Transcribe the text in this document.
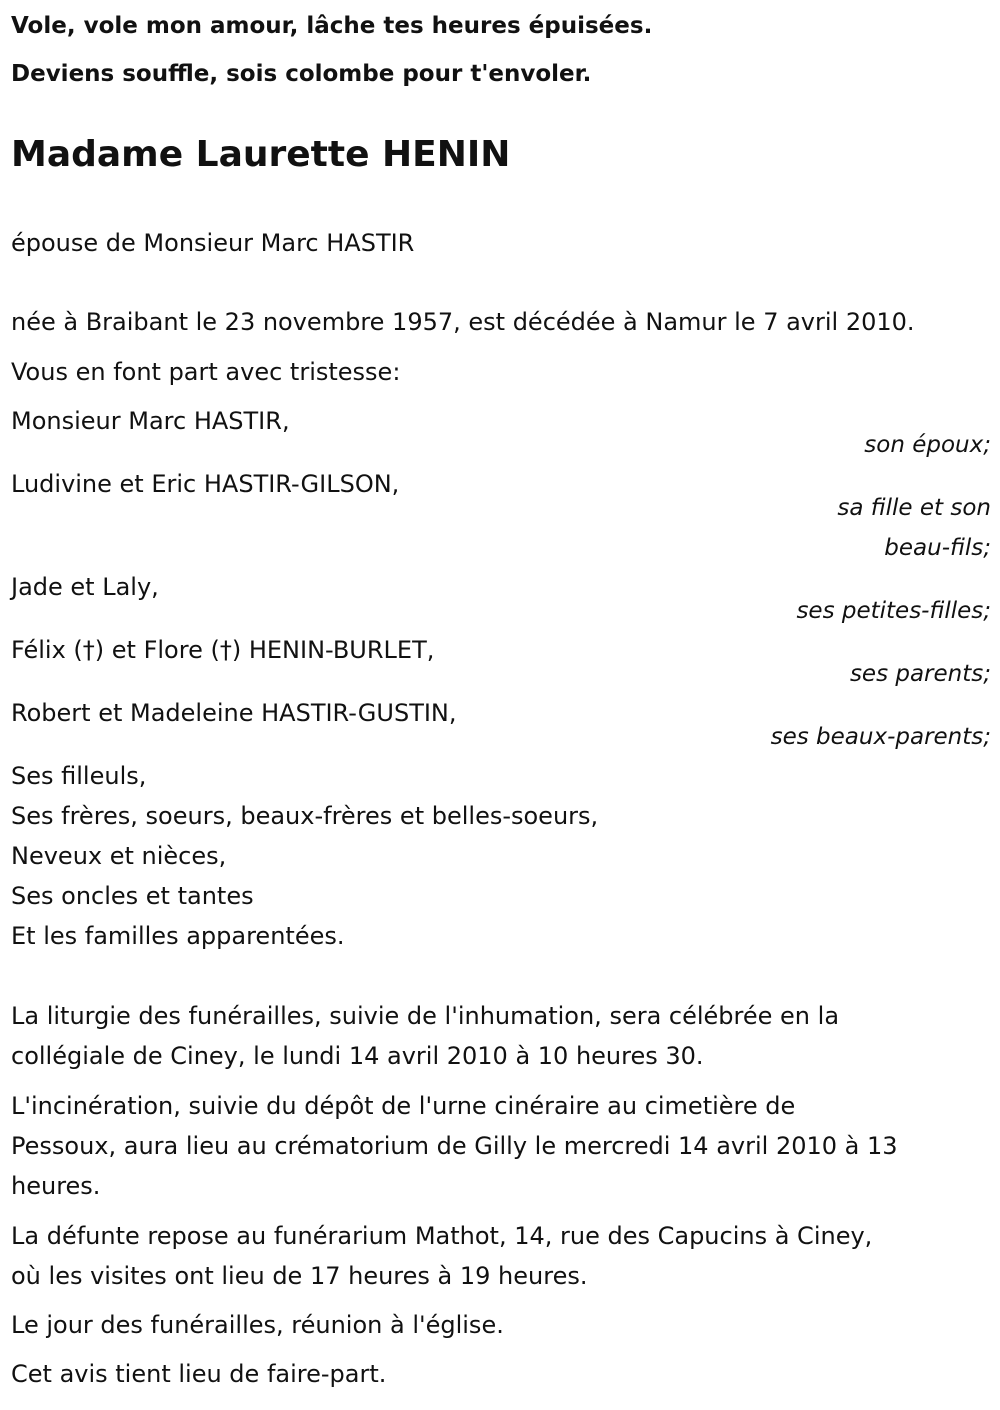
Vole, vole mon amour, lâche tes heures épuisées.
Deviens souffle, sois colombe pour t'envoler.
Madame Laurette HENIN
épouse de Monsieur Marc HASTIR
née à Braibant le 23 novembre 1957, est décédée à Namur le 7 avril 2010.
Vous en font part avec tristesse:
Monsieur Marc HASTIR,
son époux;
Ludivine et Eric HASTIR-GILSON,
sa fille et son
beau-fils;
Jade et Laly,
ses petites-filles;
Félix (†) et Flore (†) HENIN-BURLET,
ses parents;
Robert et Madeleine HASTIR-GUSTIN,
ses beaux-parents;
Ses filleuls,
Ses frères, soeurs, beaux-frères et belles-soeurs,
Neveux et nièces,
Ses oncles et tantes
Et les familles apparentées.
La liturgie des funérailles, suivie de l'inhumation, sera célébrée en la
collégiale de Ciney, le lundi 14 avril 2010 à 10 heures 30.
L'incinération, suivie du dépôt de l'urne cinéraire au cimetière de
Pessoux, aura lieu au crématorium de Gilly le mercredi 14 avril 2010 à 13
heures.
La défunte repose au funérarium Mathot, 14, rue des Capucins à Ciney,
où les visites ont lieu de 17 heures à 19 heures.
Le jour des funérailles, réunion à l'église.
Cet avis tient lieu de faire-part.
